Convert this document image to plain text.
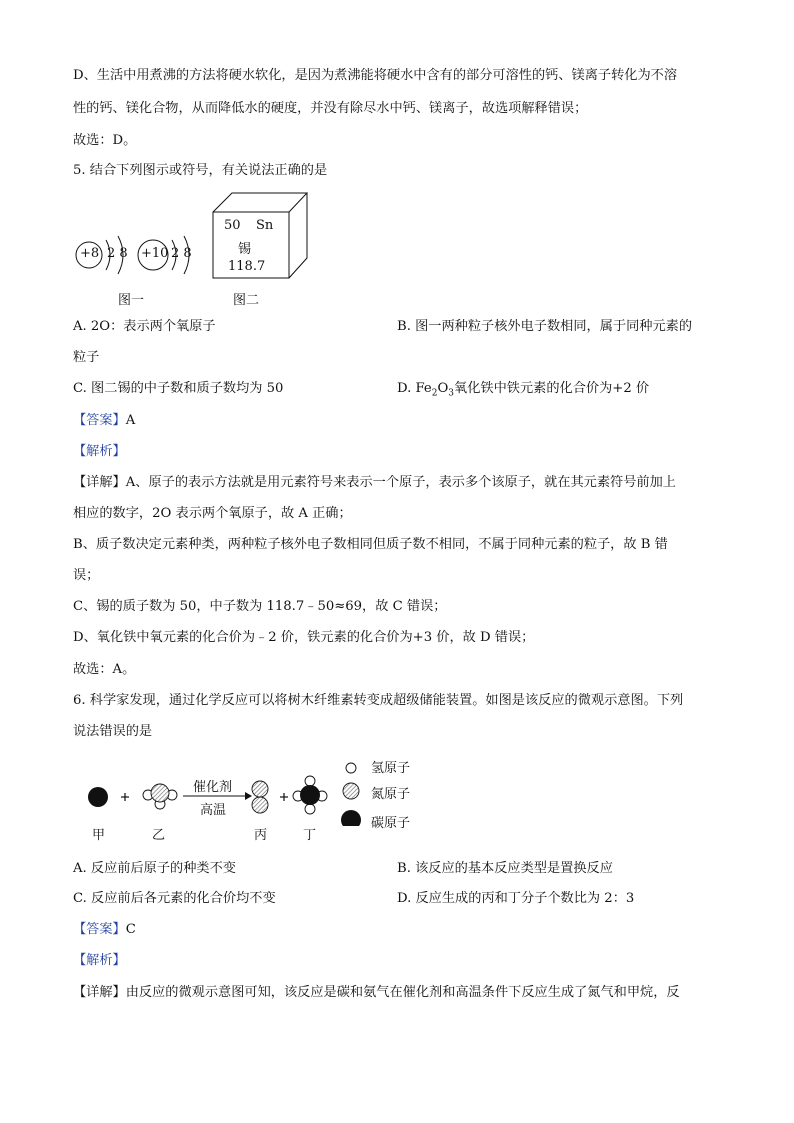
D、生活中用煮沸的方法将硬水软化，是因为煮沸能将硬水中含有的部分可溶性的钙、镁离子转化为不溶
性的钙、镁化合物，从而降低水的硬度，并没有除尽水中钙、镁离子，故选项解释错误；
故选：D。
5. 结合下列图示或符号，有关说法正确的是
+8 2 8 +10 2 8
图一
50 Sn
锡
118.7
图二
A. 2O：表示两个氧原子	B. 图一两种粒子核外电子数相同，属于同种元素的
粒子
C. 图二锡的中子数和质子数均为 50	D. $Fe_2O_3$氧化铁中铁元素的化合价为+2 价
【答案】A
【解析】
【详解】A、原子的表示方法就是用元素符号来表示一个原子，表示多个该原子，就在其元素符号前加上
相应的数字，2O 表示两个氧原子，故 A 正确；
B、质子数决定元素种类，两种粒子核外电子数相同但质子数不相同，不属于同种元素的粒子，故 B 错
误；
C、锡的质子数为 50，中子数为 118.7﹣50≈69，故 C 错误；
D、氧化铁中氧元素的化合价为﹣2 价，铁元素的化合价为+3 价，故 D 错误；
故选：A。
6. 科学家发现，通过化学反应可以将树木纤维素转变成超级储能装置。如图是该反应的微观示意图。下列
说法错误的是
催化剂
高温
氢原子
氮原子
碳原子
甲	乙	丙	丁
A. 反应前后原子的种类不变	B. 该反应的基本反应类型是置换反应
C. 反应前后各元素的化合价均不变	D. 反应生成的丙和丁分子个数比为 2：3
【答案】C
【解析】
【详解】由反应的微观示意图可知，该反应是碳和氨气在催化剂和高温条件下反应生成了氮气和甲烷，反
